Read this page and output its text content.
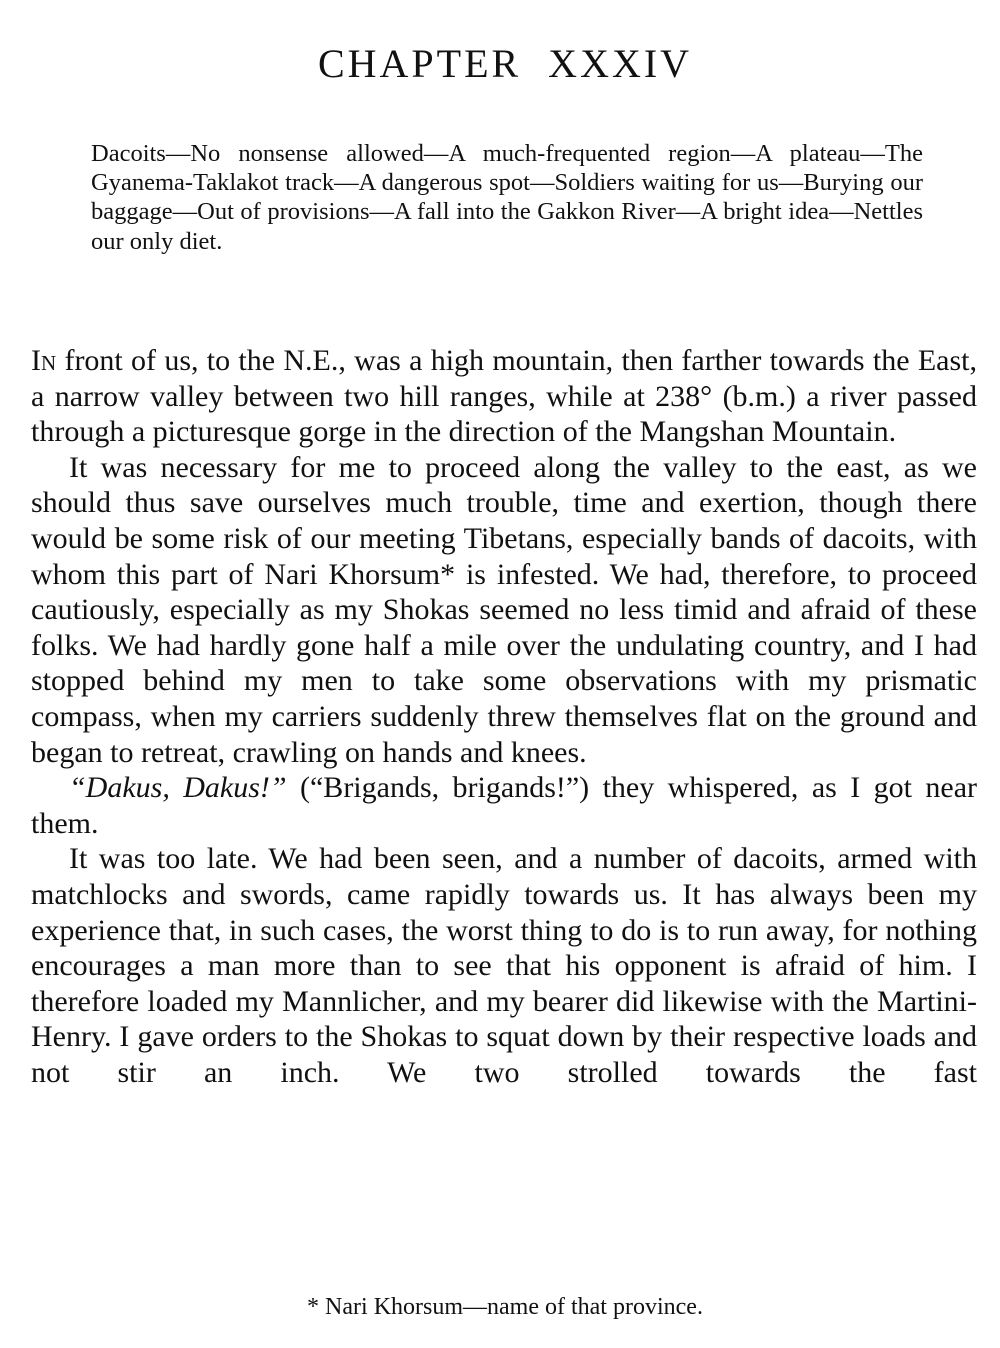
CHAPTER XXXIV

Dacoits—No nonsense allowed—A much-frequented region—A plateau—The Gyanema-Taklakot track—A dangerous spot—Soldiers waiting for us—Burying our baggage—Out of provisions—A fall into the Gakkon River—A bright idea—Nettles our only diet.

In front of us, to the N.E., was a high mountain, then farther towards the East, a narrow valley between two hill ranges, while at 238° (b.m.) a river passed through a picturesque gorge in the direction of the Mangshan Mountain.

It was necessary for me to proceed along the valley to the east, as we should thus save ourselves much trouble, time and exertion, though there would be some risk of our meeting Tibetans, especially bands of dacoits, with whom this part of Nari Khorsum* is infested. We had, therefore, to proceed cautiously, especially as my Shokas seemed no less timid and afraid of these folks. We had hardly gone half a mile over the undulating country, and I had stopped behind my men to take some observations with my prismatic compass, when my carriers suddenly threw themselves flat on the ground and began to retreat, crawling on hands and knees.

“Dakus, Dakus!” (“Brigands, brigands!”) they whispered, as I got near them.

It was too late. We had been seen, and a number of dacoits, armed with matchlocks and swords, came rapidly towards us. It has always been my experience that, in such cases, the worst thing to do is to run away, for nothing encourages a man more than to see that his opponent is afraid of him. I therefore loaded my Mannlicher, and my bearer did likewise with the Martini-Henry. I gave orders to the Shokas to squat down by their respective loads and not stir an inch. We two strolled towards the fast

* Nari Khorsum—name of that province.
